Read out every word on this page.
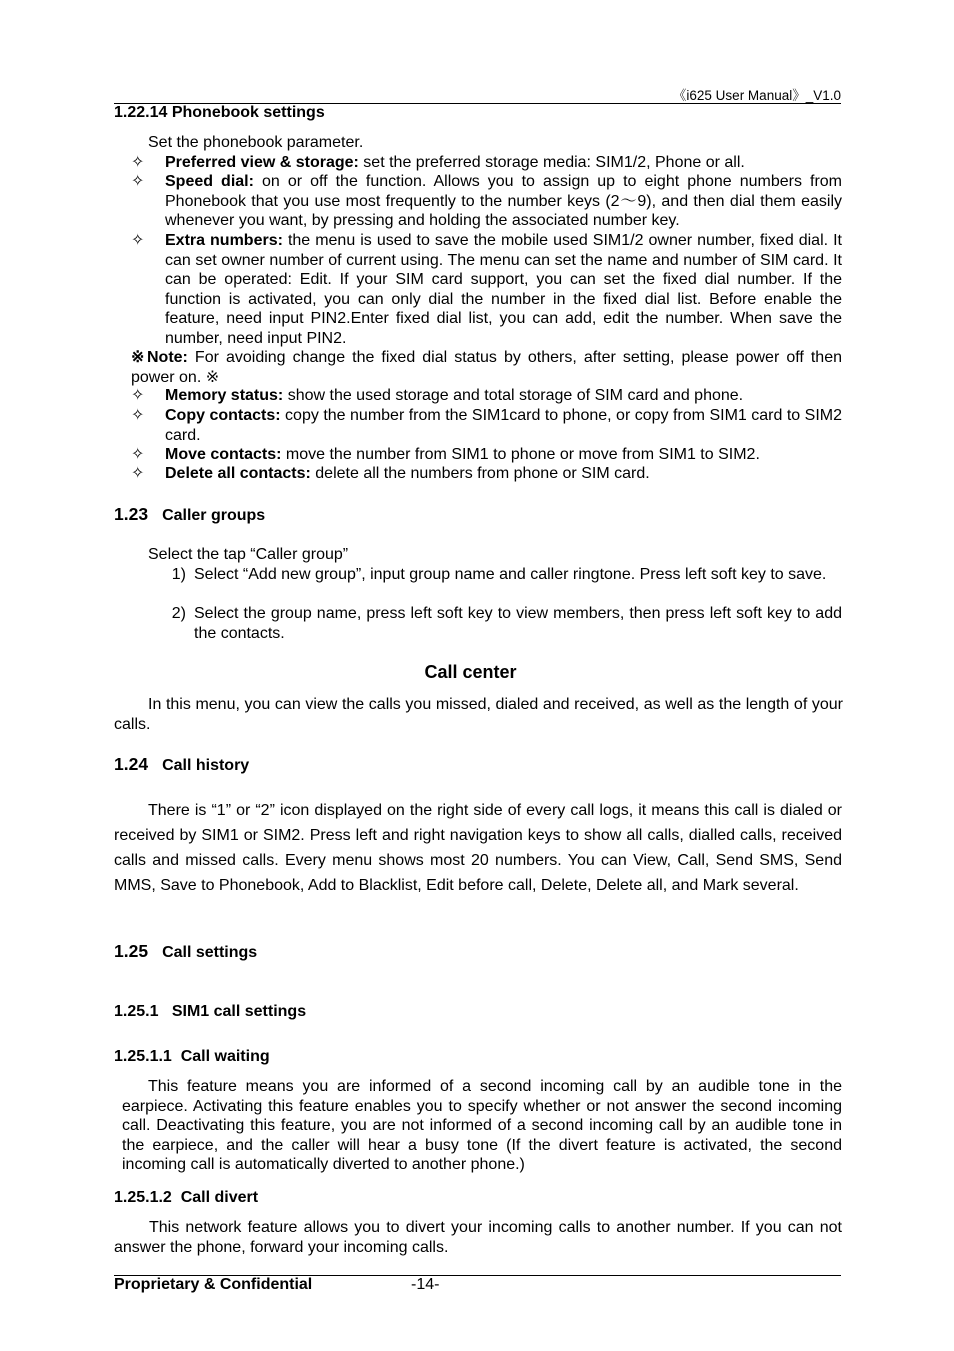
《i625 User Manual》_V1.0
1.22.14 Phonebook settings
Set the phonebook parameter.
✧ Preferred view & storage: set the preferred storage media: SIM1/2, Phone or all.
✧ Speed dial: on or off the function. Allows you to assign up to eight phone numbers from Phonebook that you use most frequently to the number keys (2～9), and then dial them easily whenever you want, by pressing and holding the associated number key.
✧ Extra numbers: the menu is used to save the mobile used SIM1/2 owner number, fixed dial. It can set owner number of current using. The menu can set the name and number of SIM card. It can be operated: Edit. If your SIM card support, you can set the fixed dial number. If the function is activated, you can only dial the number in the fixed dial list. Before enable the feature, need input PIN2.Enter fixed dial list, you can add, edit the number. When save the number, need input PIN2.
※Note: For avoiding change the fixed dial status by others, after setting, please power off then power on. ※
✧ Memory status: show the used storage and total storage of SIM card and phone.
✧ Copy contacts: copy the number from the SIM1card to phone, or copy from SIM1 card to SIM2 card.
✧ Move contacts: move the number from SIM1 to phone or move from SIM1 to SIM2.
✧ Delete all contacts: delete all the numbers from phone or SIM card.
1.23 Caller groups
Select the tap “Caller group”
1) Select “Add new group”, input group name and caller ringtone. Press left soft key to save.
2) Select the group name, press left soft key to view members, then press left soft key to add the contacts.
Call center
In this menu, you can view the calls you missed, dialed and received, as well as the length of your calls.
1.24 Call history
There is “1” or “2” icon displayed on the right side of every call logs, it means this call is dialed or received by SIM1 or SIM2. Press left and right navigation keys to show all calls, dialled calls, received calls and missed calls. Every menu shows most 20 numbers. You can View, Call, Send SMS, Send MMS, Save to Phonebook, Add to Blacklist, Edit before call, Delete, Delete all, and Mark several.
1.25 Call settings
1.25.1   SIM1 call settings
1.25.1.1  Call waiting
This feature means you are informed of a second incoming call by an audible tone in the earpiece. Activating this feature enables you to specify whether or not answer the second incoming call. Deactivating this feature, you are not informed of a second incoming call by an audible tone in the earpiece, and the caller will hear a busy tone (If the divert feature is activated, the second incoming call is automatically diverted to another phone.)
1.25.1.2  Call divert
This network feature allows you to divert your incoming calls to another number. If you can not answer the phone, forward your incoming calls.
Proprietary & Confidential	-14-
